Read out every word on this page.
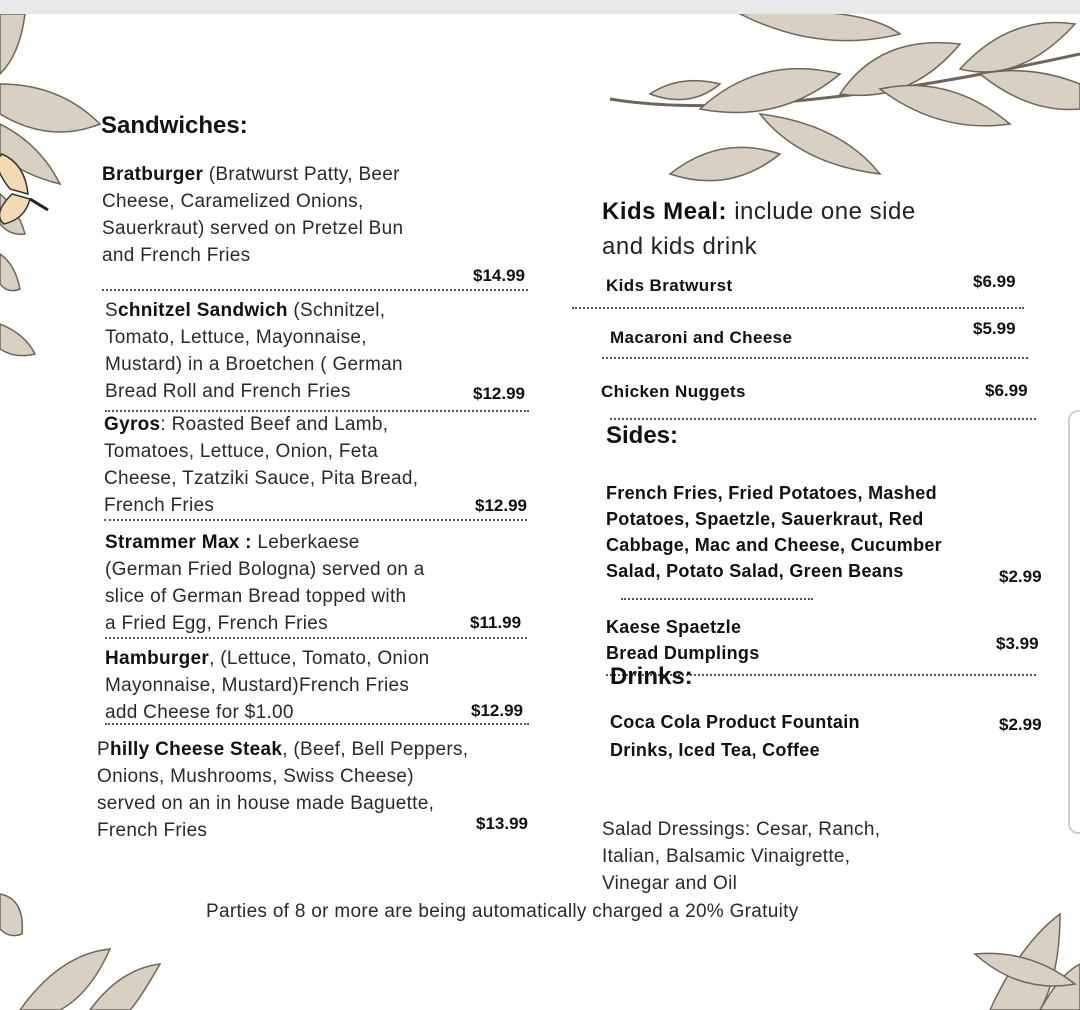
Sandwiches:
Bratburger (Bratwurst Patty, Beer
Cheese, Caramelized Onions,
Sauerkraut) served on Pretzel Bun
and French Fries
$14.99
Schnitzel Sandwich (Schnitzel,
Tomato, Lettuce, Mayonnaise,
Mustard) in a Broetchen ( German
Bread Roll and French Fries	$12.99
Gyros: Roasted Beef and Lamb,
Tomatoes, Lettuce, Onion, Feta
Cheese, Tzatziki Sauce, Pita Bread,
French Fries	$12.99
Strammer Max : Leberkaese
(German Fried Bologna) served on a
slice of German Bread topped with
a Fried Egg, French Fries	$11.99
Hamburger, (Lettuce, Tomato, Onion
Mayonnaise, Mustard)French Fries
add Cheese for $1.00	$12.99
Philly Cheese Steak, (Beef, Bell Peppers,
Onions, Mushrooms, Swiss Cheese)
served on an in house made Baguette,
French Fries	$13.99
Kids Meal: include one side
and kids drink
Kids Bratwurst	$6.99
Macaroni and Cheese	$5.99
Chicken Nuggets	$6.99
Sides:
French Fries, Fried Potatoes, Mashed
Potatoes, Spaetzle, Sauerkraut, Red
Cabbage, Mac and Cheese, Cucumber
Salad, Potato Salad, Green Beans	$2.99
Kaese Spaetzle
Bread Dumplings	$3.99
Drinks:
Coca Cola Product Fountain
Drinks, Iced Tea, Coffee
$2.99
Salad Dressings: Cesar, Ranch,
Italian, Balsamic Vinaigrette,
Vinegar and Oil
Parties of 8 or more are being automatically charged a 20% Gratuity
